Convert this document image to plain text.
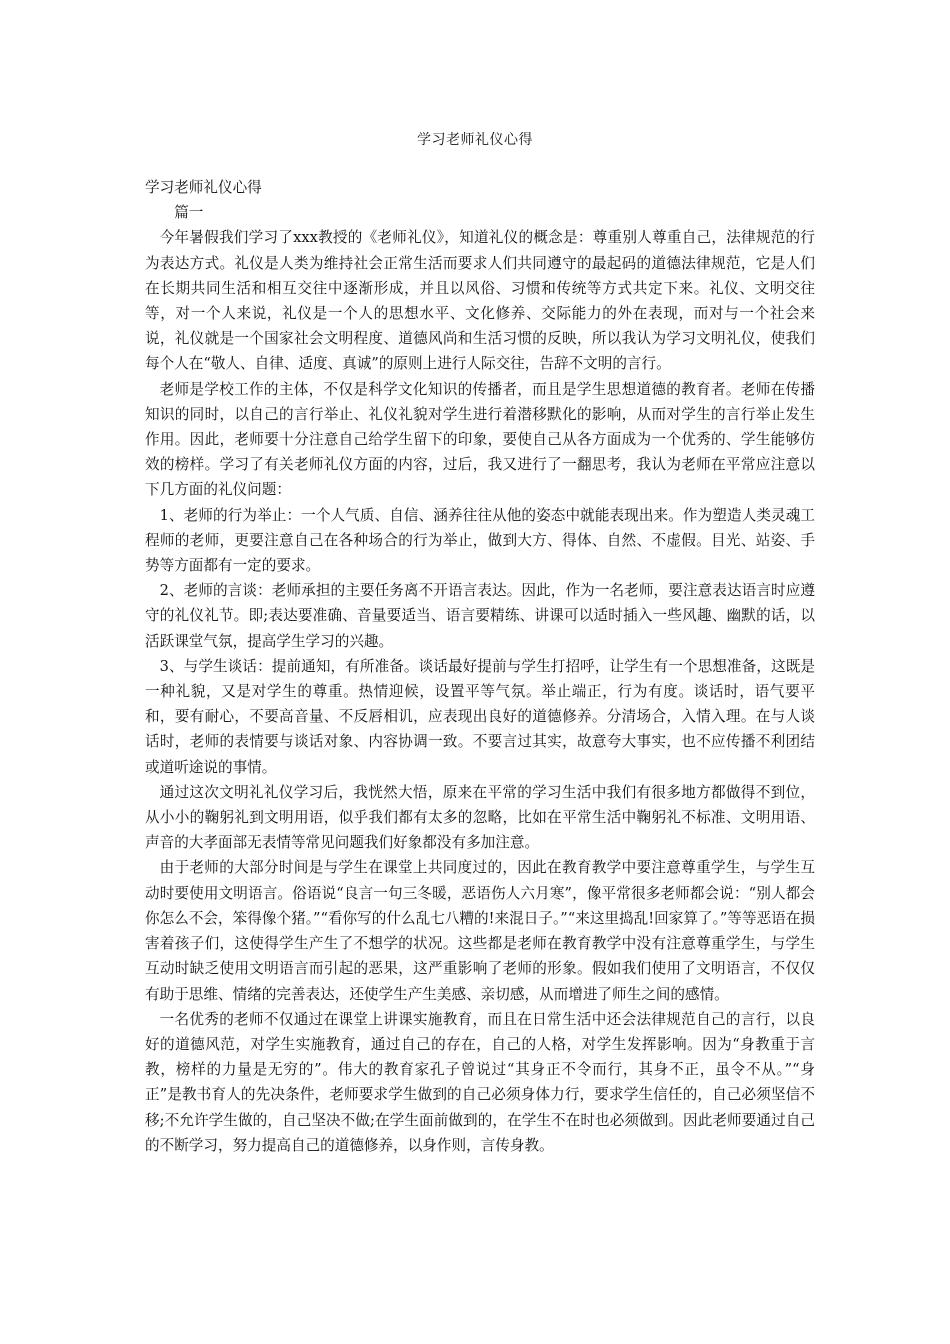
学习老师礼仪心得

学习老师礼仪心得

篇一

今年暑假我们学习了xxx教授的《老师礼仪》，知道礼仪的概念是：尊重别人尊重自己，法律规范的行为表达方式。礼仪是人类为维持社会正常生活而要求人们共同遵守的最起码的道德法律规范，它是人们在长期共同生活和相互交往中逐渐形成，并且以风俗、习惯和传统等方式共定下来。礼仪、文明交往等，对一个人来说，礼仪是一个人的思想水平、文化修养、交际能力的外在表现，而对与一个社会来说，礼仪就是一个国家社会文明程度、道德风尚和生活习惯的反映，所以我认为学习文明礼仪，使我们每个人在“敬人、自律、适度、真诚”的原则上进行人际交往，告辞不文明的言行。

老师是学校工作的主体，不仅是科学文化知识的传播者，而且是学生思想道德的教育者。老师在传播知识的同时，以自己的言行举止、礼仪礼貌对学生进行着潜移默化的影响，从而对学生的言行举止发生作用。因此，老师要十分注意自己给学生留下的印象，要使自己从各方面成为一个优秀的、学生能够仿效的榜样。学习了有关老师礼仪方面的内容，过后，我又进行了一翻思考，我认为老师在平常应注意以下几方面的礼仪问题：

1、老师的行为举止：一个人气质、自信、涵养往往从他的姿态中就能表现出来。作为塑造人类灵魂工程师的老师，更要注意自己在各种场合的行为举止，做到大方、得体、自然、不虚假。目光、站姿、手势等方面都有一定的要求。

2、老师的言谈：老师承担的主要任务离不开语言表达。因此，作为一名老师，要注意表达语言时应遵守的礼仪礼节。即;表达要准确、音量要适当、语言要精练、讲课可以适时插入一些风趣、幽默的话，以活跃课堂气氛，提高学生学习的兴趣。

3、与学生谈话：提前通知，有所准备。谈话最好提前与学生打招呼，让学生有一个思想准备，这既是一种礼貌，又是对学生的尊重。热情迎候，设置平等气氛。举止端正，行为有度。谈话时，语气要平和，要有耐心，不要高音量、不反唇相讥，应表现出良好的道德修养。分清场合，入情入理。在与人谈话时，老师的表情要与谈话对象、内容协调一致。不要言过其实，故意夸大事实，也不应传播不利团结或道听途说的事情。

通过这次文明礼礼仪学习后，我恍然大悟，原来在平常的学习生活中我们有很多地方都做得不到位，从小小的鞠躬礼到文明用语，似乎我们都有太多的忽略，比如在平常生活中鞠躬礼不标准、文明用语、声音的大孝面部无表情等常见问题我们好象都没有多加注意。

由于老师的大部分时间是与学生在课堂上共同度过的，因此在教育教学中要注意尊重学生，与学生互动时要使用文明语言。俗语说“良言一句三冬暖，恶语伤人六月寒”，像平常很多老师都会说：“别人都会你怎么不会，笨得像个猪。”“看你写的什么乱七八糟的!来混日子。”“来这里捣乱!回家算了。”等等恶语在损害着孩子们，这使得学生产生了不想学的状况。这些都是老师在教育教学中没有注意尊重学生，与学生互动时缺乏使用文明语言而引起的恶果，这严重影响了老师的形象。假如我们使用了文明语言，不仅仅有助于思维、情绪的完善表达，还使学生产生美感、亲切感，从而增进了师生之间的感情。

一名优秀的老师不仅通过在课堂上讲课实施教育，而且在日常生活中还会法律规范自己的言行，以良好的道德风范，对学生实施教育，通过自己的存在，自己的人格，对学生发挥影响。因为“身教重于言教，榜样的力量是无穷的”。伟大的教育家孔子曾说过“其身正不令而行，其身不正，虽令不从。”“身正”是教书育人的先决条件，老师要求学生做到的自己必须身体力行，要求学生信任的，自己必须坚信不移;不允许学生做的，自己坚决不做;在学生面前做到的，在学生不在时也必须做到。因此老师要通过自己的不断学习，努力提高自己的道德修养，以身作则，言传身教。
